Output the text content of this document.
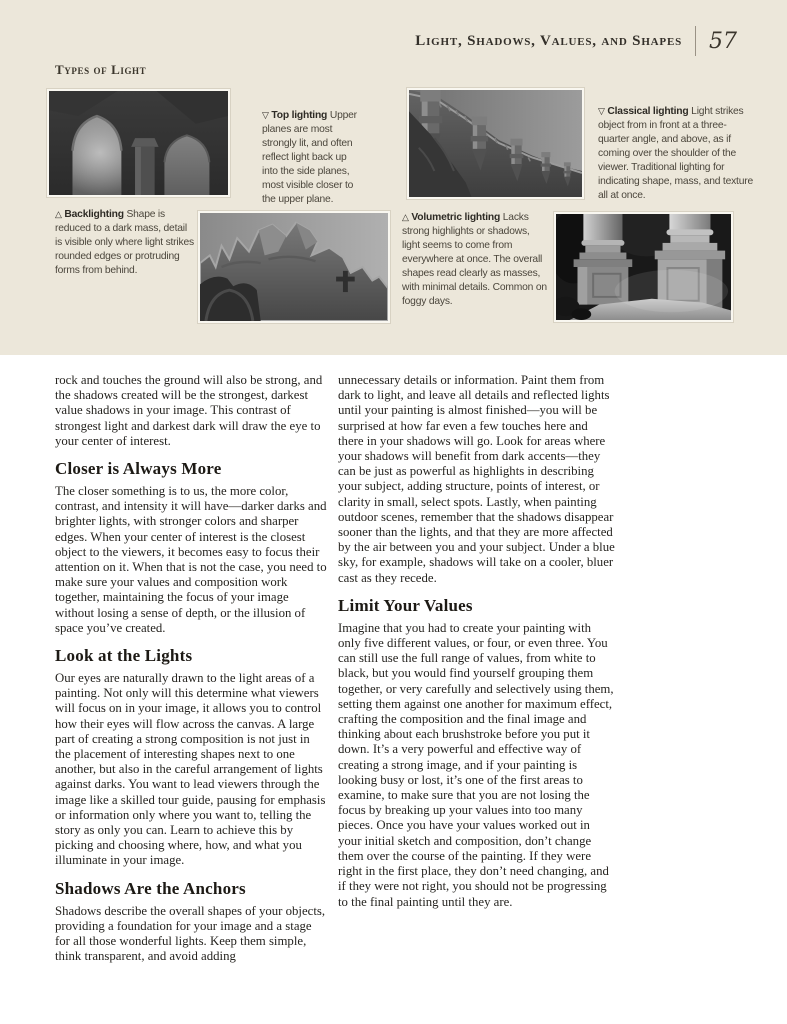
Light, Shadows, Values, and Shapes 57
Types of Light
▽ Top lighting Upper planes are most strongly lit, and often reflect light back up into the side planes, most visible closer to the upper plane.
▽ Classical lighting Light strikes object from in front at a three-quarter angle, and above, as if coming over the shoulder of the viewer. Traditional lighting for indicating shape, mass, and texture all at once.
△ Backlighting Shape is reduced to a dark mass, detail is visible only where light strikes rounded edges or protruding forms from behind.
△ Volumetric lighting Lacks strong highlights or shadows, light seems to come from everywhere at once. The overall shapes read clearly as masses, with minimal details. Common on foggy days.

rock and touches the ground will also be strong, and the shadows created will be the strongest, darkest value shadows in your image. This contrast of strongest light and darkest dark will draw the eye to your center of interest.

Closer is Always More

The closer something is to us, the more color, contrast, and intensity it will have—darker darks and brighter lights, with stronger colors and sharper edges. When your center of interest is the closest object to the viewers, it becomes easy to focus their attention on it. When that is not the case, you need to make sure your values and composition work together, maintaining the focus of your image without losing a sense of depth, or the illusion of space you’ve created.

Look at the Lights

Our eyes are naturally drawn to the light areas of a painting. Not only will this determine what viewers will focus on in your image, it allows you to control how their eyes will flow across the canvas. A large part of creating a strong composition is not just in the placement of interesting shapes next to one another, but also in the careful arrangement of lights against darks. You want to lead viewers through the image like a skilled tour guide, pausing for emphasis or information only where you want to, telling the story as only you can. Learn to achieve this by picking and choosing where, how, and what you illuminate in your image.

Shadows Are the Anchors

Shadows describe the overall shapes of your objects, providing a foundation for your image and a stage for all those wonderful lights. Keep them simple, think transparent, and avoid adding

unnecessary details or information. Paint them from dark to light, and leave all details and reflected lights until your painting is almost finished—you will be surprised at how far even a few touches here and there in your shadows will go. Look for areas where your shadows will benefit from dark accents—they can be just as powerful as highlights in describing your subject, adding structure, points of interest, or clarity in small, select spots. Lastly, when painting outdoor scenes, remember that the shadows disappear sooner than the lights, and that they are more affected by the air between you and your subject. Under a blue sky, for example, shadows will take on a cooler, bluer cast as they recede.

Limit Your Values

Imagine that you had to create your painting with only five different values, or four, or even three. You can still use the full range of values, from white to black, but you would find yourself grouping them together, or very carefully and selectively using them, setting them against one another for maximum effect, crafting the composition and the final image and thinking about each brushstroke before you put it down. It’s a very powerful and effective way of creating a strong image, and if your painting is looking busy or lost, it’s one of the first areas to examine, to make sure that you are not losing the focus by breaking up your values into too many pieces. Once you have your values worked out in your initial sketch and composition, don’t change them over the course of the painting. If they were right in the first place, they don’t need changing, and if they were not right, you should not be progressing to the final painting until they are.
